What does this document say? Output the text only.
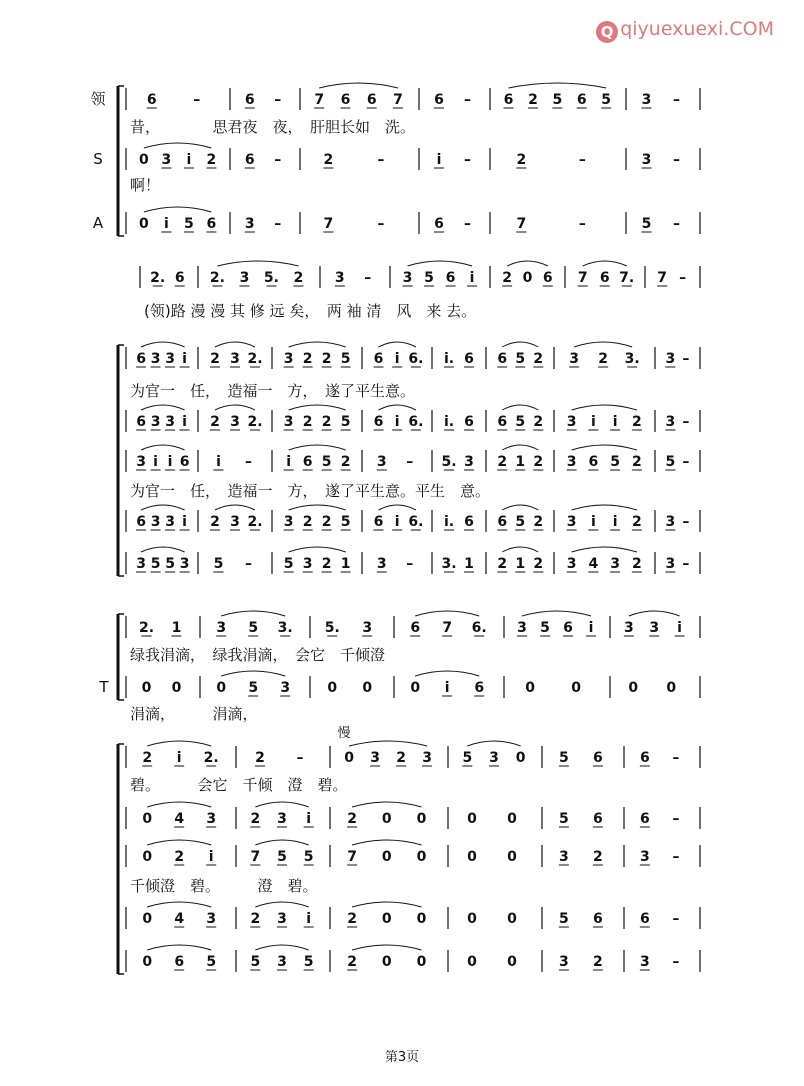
Q qiyuexuexi.COM
领
S
A
6	–	6 – 7 6 6 7 6 – 6 2 5 6 5 3 –
昔，　　　　思君夜　夜，　肝胆长如　洗。
0 3 i 2 6 –	2	–	i –	2	–	3 –
啊！
0 i 5 6 3 –	7	–	6 –	7	–	5 –
2. 6 2. 3 5. 2 3 – 3 5 6 i 2 0 6 7 6 7. 7 –
(领)路 漫 漫 其 修 远 矣，　两 袖 清　风　来 去。
6 3 3 i 2 3 2. 3 2 2 5 6 i 6. i. 6 6 5 2 3 2 3. 3 –
为官一　任，　造福一　方，　遂了平生意。
6 3 3 i 2 3 2. 3 2 2 5 6 i 6. i. 6 6 5 2 3 i i 2 3 –
3 i i 6 i – i 6 5 2 3 – 5. 3 2 1 2 3 6 5 2 5 –
为官一　任，　造福一　方，　遂了平生意。平生　意。
6 3 3 i 2 3 2. 3 2 2 5 6 i 6. i. 6 6 5 2 3 i i 2 3 –
3 5 5 3 5 – 5 3 2 1 3 – 3. 1 2 1 2 3 4 3 2 3 –
T
2. 1 3 5 3. 5. 3	6 7 6. 3 5 6 i 3 3 i
绿我涓滴，　绿我涓滴，　会它　千倾澄
0 0 0 5 3	0 0	0 i 6	0	0	0 0
涓滴，　　　涓滴，
2 i 2.	2 –	0 3 2 3 5 3 0 5 6	6 –
碧。　　　会它　千倾　澄　碧。
0 4 3 2 3 i	2 0 0	0 0	5 6	6 –
0 2 i	7 5 5 7 0 0	0 0	3 2	3 –
千倾澄　碧。　　　澄　碧。
0 4 3 2 3 i	2 0 0	0 0	5 6	6 –
0 6 5 5 3 5 2 0 0	0 0	3 2	3 –
慢
第3页
